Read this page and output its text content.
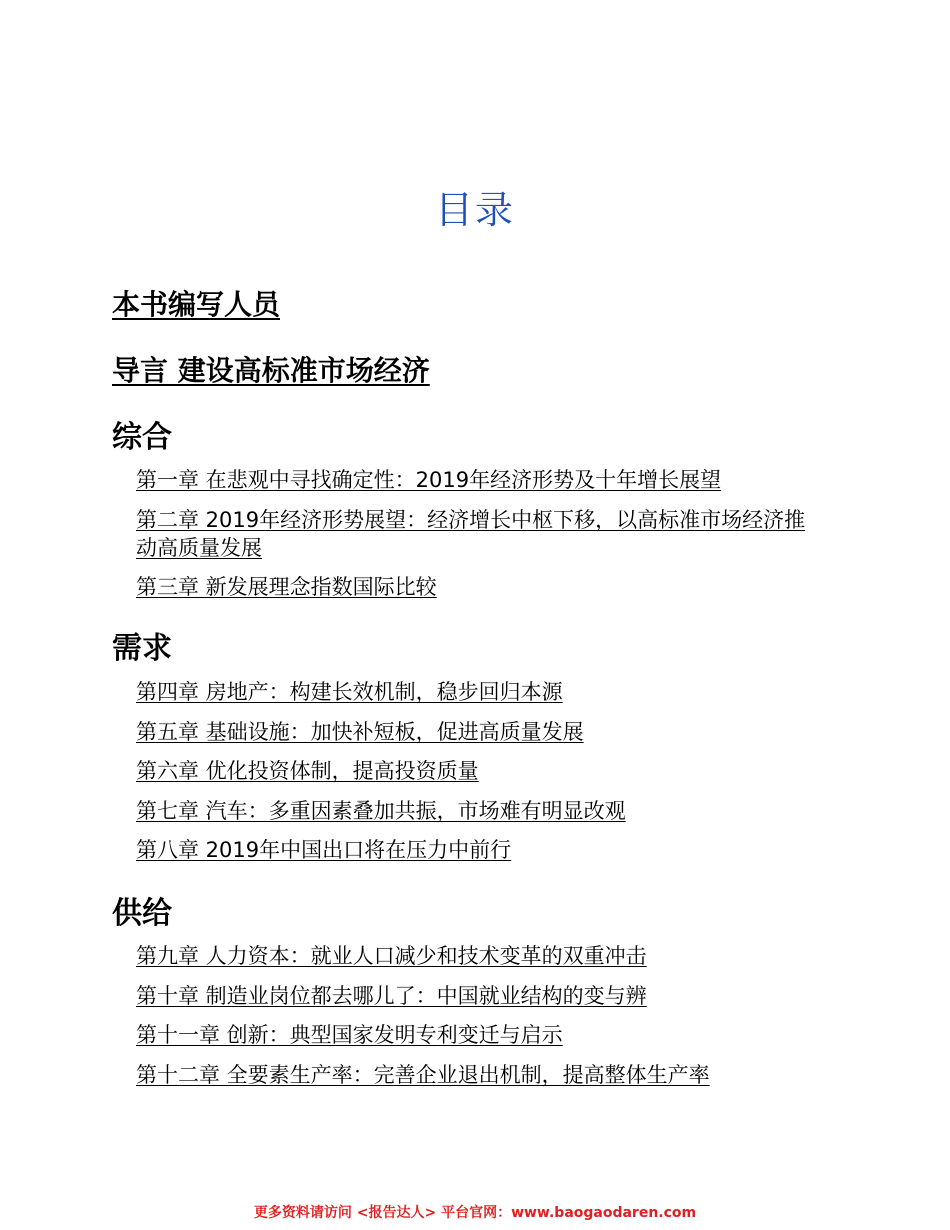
目录
本书编写人员
导言 建设高标准市场经济
综合
第一章 在悲观中寻找确定性：2019年经济形势及十年增长展望
第二章 2019年经济形势展望：经济增长中枢下移，以高标准市场经济推动高质量发展
第三章 新发展理念指数国际比较
需求
第四章 房地产：构建长效机制，稳步回归本源
第五章 基础设施：加快补短板，促进高质量发展
第六章 优化投资体制，提高投资质量
第七章 汽车：多重因素叠加共振，市场难有明显改观
第八章 2019年中国出口将在压力中前行
供给
第九章 人力资本：就业人口减少和技术变革的双重冲击
第十章 制造业岗位都去哪儿了：中国就业结构的变与辨
第十一章 创新：典型国家发明专利变迁与启示
第十二章 全要素生产率：完善企业退出机制，提高整体生产率
更多资料请访问 <报告达人> 平台官网：www.baogaodaren.com
